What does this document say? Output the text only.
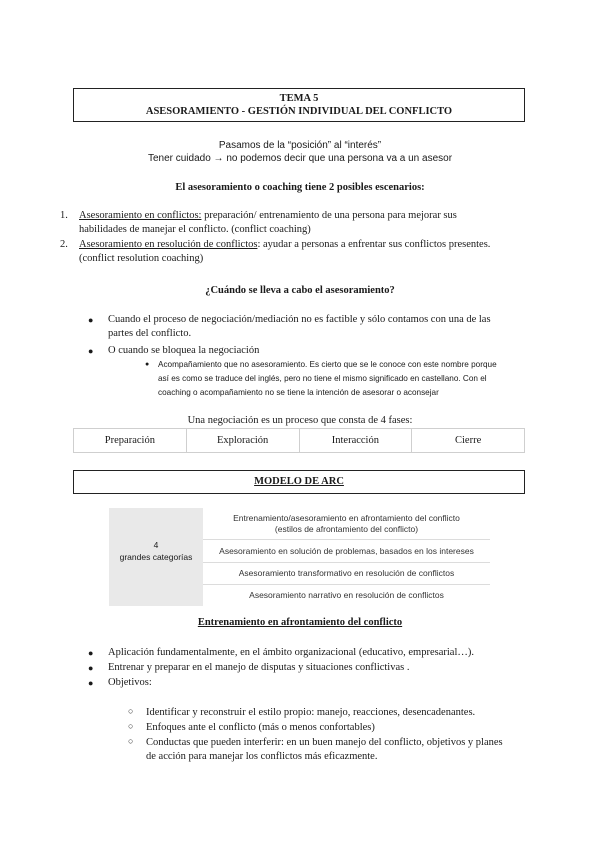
TEMA 5
ASESORAMIENTO - GESTIÓN INDIVIDUAL DEL CONFLICTO
Pasamos de la “posición” al “interés”
Tener cuidado → no podemos decir que una persona va a un asesor
El asesoramiento o coaching tiene 2 posibles escenarios:
1. Asesoramiento en conflictos: preparación/ entrenamiento de una persona para mejorar sus
habilidades de manejar el conflicto. (conflict coaching)
2. Asesoramiento en resolución de conflictos: ayudar a personas a enfrentar sus conflictos presentes.
(conflict resolution coaching)
¿Cuándo se lleva a cabo el asesoramiento?
● Cuando el proceso de negociación/mediación no es factible y sólo contamos con una de las
partes del conflicto.
● O cuando se bloquea la negociación
● Acompañamiento que no asesoramiento. Es cierto que se le conoce con este nombre porque
así es como se traduce del inglés, pero no tiene el mismo significado en castellano. Con el
coaching o acompañamiento no se tiene la intención de asesorar o aconsejar
Una negociación es un proceso que consta de 4 fases:
Preparación	Exploración	Interacción	Cierre
MODELO DE ARC
4
grandes categorías
Entrenamiento/asesoramiento en afrontamiento del conflicto
(estilos de afrontamiento del conflicto)
Asesoramiento en solución de problemas, basados en los intereses
Asesoramiento transformativo en resolución de conflictos
Asesoramiento narrativo en resolución de conflictos
Entrenamiento en afrontamiento del conflicto
● Aplicación fundamentalmente, en el ámbito organizacional (educativo, empresarial…).
● Entrenar y preparar en el manejo de disputas y situaciones conflictivas .
● Objetivos:
○ Identificar y reconstruir el estilo propio: manejo, reacciones, desencadenantes.
○ Enfoques ante el conflicto (más o menos confortables)
○ Conductas que pueden interferir: en un buen manejo del conflicto, objetivos y planes
de acción para manejar los conflictos más eficazmente.
